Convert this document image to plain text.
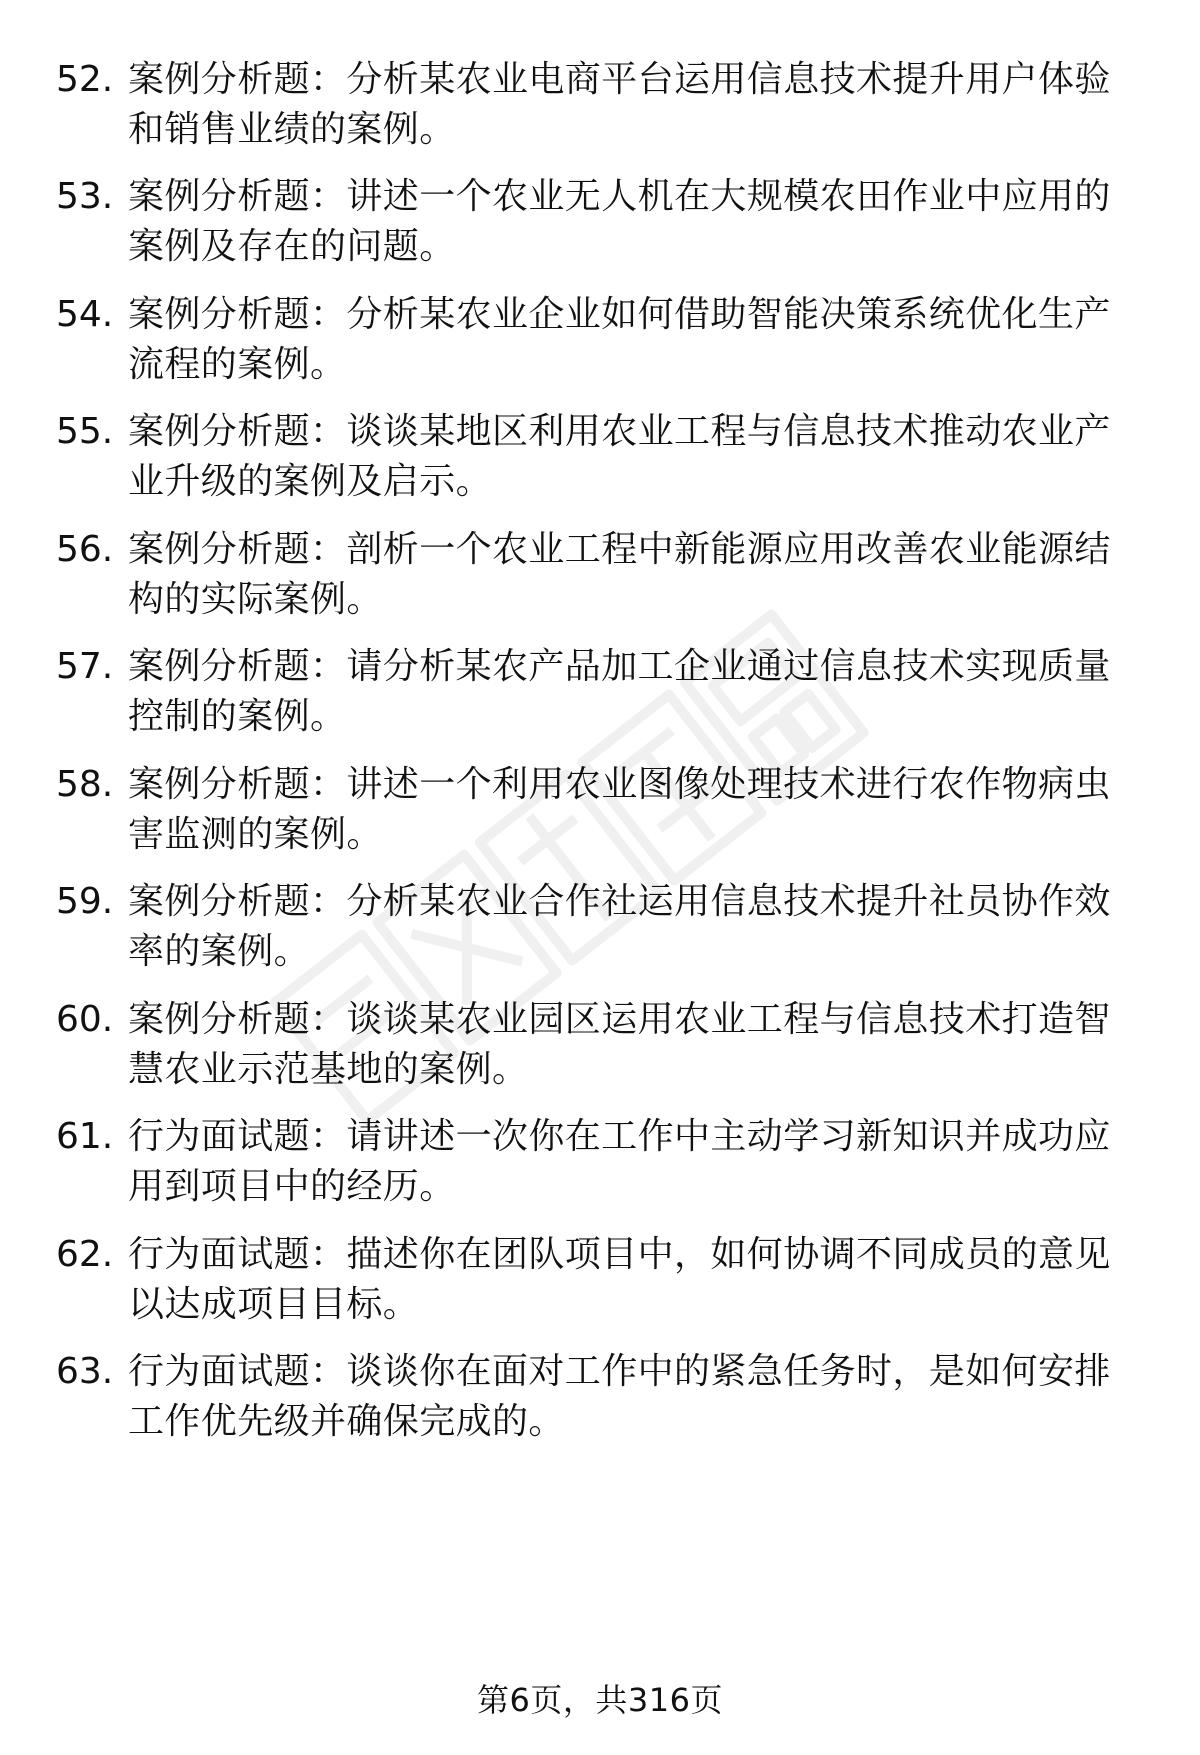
52. 案例分析题：分析某农业电商平台运用信息技术提升用户体验和销售业绩的案例。
53. 案例分析题：讲述一个农业无人机在大规模农田作业中应用的案例及存在的问题。
54. 案例分析题：分析某农业企业如何借助智能决策系统优化生产流程的案例。
55. 案例分析题：谈谈某地区利用农业工程与信息技术推动农业产业升级的案例及启示。
56. 案例分析题：剖析一个农业工程中新能源应用改善农业能源结构的实际案例。
57. 案例分析题：请分析某农产品加工企业通过信息技术实现质量控制的案例。
58. 案例分析题：讲述一个利用农业图像处理技术进行农作物病虫害监测的案例。
59. 案例分析题：分析某农业合作社运用信息技术提升社员协作效率的案例。
60. 案例分析题：谈谈某农业园区运用农业工程与信息技术打造智慧农业示范基地的案例。
61. 行为面试题：请讲述一次你在工作中主动学习新知识并成功应用到项目中的经历。
62. 行为面试题：描述你在团队项目中，如何协调不同成员的意见以达成项目目标。
63. 行为面试题：谈谈你在面对工作中的紧急任务时，是如何安排工作优先级并确保完成的。
第6页，共316页
